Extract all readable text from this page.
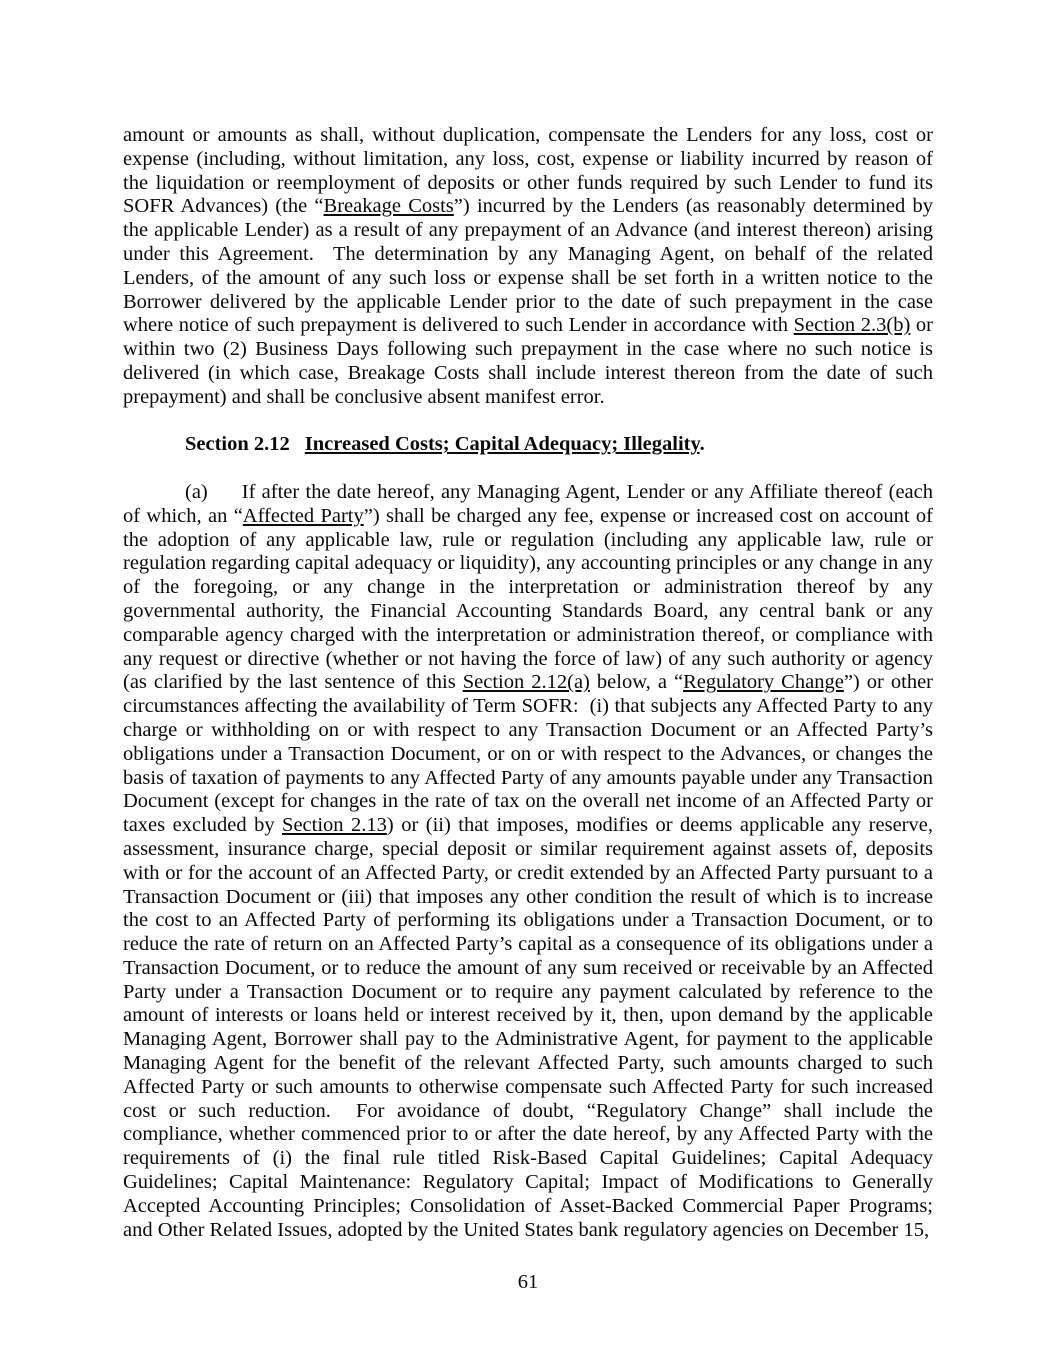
amount or amounts as shall, without duplication, compensate the Lenders for any loss, cost or expense (including, without limitation, any loss, cost, expense or liability incurred by reason of the liquidation or reemployment of deposits or other funds required by such Lender to fund its SOFR Advances) (the “Breakage Costs”) incurred by the Lenders (as reasonably determined by the applicable Lender) as a result of any prepayment of an Advance (and interest thereon) arising under this Agreement.  The determination by any Managing Agent, on behalf of the related Lenders, of the amount of any such loss or expense shall be set forth in a written notice to the Borrower delivered by the applicable Lender prior to the date of such prepayment in the case where notice of such prepayment is delivered to such Lender in accordance with Section 2.3(b) or within two (2) Business Days following such prepayment in the case where no such notice is delivered (in which case, Breakage Costs shall include interest thereon from the date of such prepayment) and shall be conclusive absent manifest error.

Section 2.12 Increased Costs; Capital Adequacy; Illegality.

(a) If after the date hereof, any Managing Agent, Lender or any Affiliate thereof (each of which, an “Affected Party”) shall be charged any fee, expense or increased cost on account of the adoption of any applicable law, rule or regulation (including any applicable law, rule or regulation regarding capital adequacy or liquidity), any accounting principles or any change in any of the foregoing, or any change in the interpretation or administration thereof by any governmental authority, the Financial Accounting Standards Board, any central bank or any comparable agency charged with the interpretation or administration thereof, or compliance with any request or directive (whether or not having the force of law) of any such authority or agency (as clarified by the last sentence of this Section 2.12(a) below, a “Regulatory Change”) or other circumstances affecting the availability of Term SOFR:  (i) that subjects any Affected Party to any charge or withholding on or with respect to any Transaction Document or an Affected Party’s obligations under a Transaction Document, or on or with respect to the Advances, or changes the basis of taxation of payments to any Affected Party of any amounts payable under any Transaction Document (except for changes in the rate of tax on the overall net income of an Affected Party or taxes excluded by Section 2.13) or (ii) that imposes, modifies or deems applicable any reserve, assessment, insurance charge, special deposit or similar requirement against assets of, deposits with or for the account of an Affected Party, or credit extended by an Affected Party pursuant to a Transaction Document or (iii) that imposes any other condition the result of which is to increase the cost to an Affected Party of performing its obligations under a Transaction Document, or to reduce the rate of return on an Affected Party’s capital as a consequence of its obligations under a Transaction Document, or to reduce the amount of any sum received or receivable by an Affected Party under a Transaction Document or to require any payment calculated by reference to the amount of interests or loans held or interest received by it, then, upon demand by the applicable Managing Agent, Borrower shall pay to the Administrative Agent, for payment to the applicable Managing Agent for the benefit of the relevant Affected Party, such amounts charged to such Affected Party or such amounts to otherwise compensate such Affected Party for such increased cost or such reduction.  For avoidance of doubt, “Regulatory Change” shall include the compliance, whether commenced prior to or after the date hereof, by any Affected Party with the requirements of (i) the final rule titled Risk-Based Capital Guidelines; Capital Adequacy Guidelines; Capital Maintenance: Regulatory Capital; Impact of Modifications to Generally Accepted Accounting Principles; Consolidation of Asset-Backed Commercial Paper Programs; and Other Related Issues, adopted by the United States bank regulatory agencies on December 15,

61
